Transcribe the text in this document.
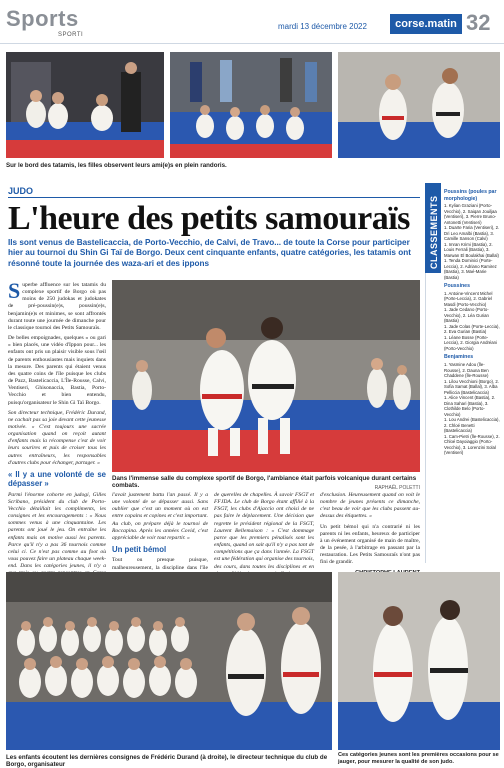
Sports
SPORTI
mardi 13 décembre 2022	corse.matin 32
Sur le bord des tatamis, les filles observent leurs ami(e)s en plein randoris.
JUDO
L'heure des petits samouraïs
Ils sont venus de Bastelicaccia, de Porto-Vecchio, de Calvi, de Travo... de toute la Corse pour participer hier au tournoi du Shin Gi Taï de Borgo. Deux cent cinquante enfants, quatre catégories, les tatamis ont résonné toute la journée des waza-ari et des ippons

Superbe affluence sur les tatamis du complexe sportif de Borgo où pas moins de 250 judokas et judokates de pré-poussin(e)s, poussin(e)s, benjamin(e)s et minimes, se sont affrontés durant toute une journée de dimanche pour le classique tournoi des Petits Samouraïs.

De belles empoignades, quelques « ou gari » bien placés, une vidéo d'Ippon pour... les enfants ont pris un plaisir visible sous l'œil de parents enthousiastes mais inquiets dans la mesure. Des parents qui étaient venus des quatre coins de l'île puisque les clubs de Pazz, Bastelicaccia, L'Île-Rousse, Calvi, Ventiseri, Ghisonaccia, Bastia, Porto-Vecchio et bien entendu, puisqu'organisateur le Shin Gi Taï Borgo.

Son directeur technique, Frédéric Durand, ne cachait pas sa joie devant cette jeunesse motivée. « C'est toujours une sacrée organisation quand on reçoit autant d'enfants mais la récompense c'est de voir leurs sourires et puis de croiser tous les autres entraîneurs, les responsables d'autres clubs pour échanger, partager. »

« Il y a une volonté de se dépasser »

Parmi l'énorme cohorte en judogi, Gilles Scribano, président du club de Porto-Vecchio détaillait les compliments, les consignes et les encouragements : « Nous sommes venus à une cinquantaine. Les parents ont joué le jeu. On entraîne les enfants mais on motive aussi les parents. Parce qu'il n'y a pas 36 tournois comme celui ci. Ce n'est pas comme au foot où vous pouvez faire un plateau chaque week-end. Dans les catégories jeunes, il n'y a

Dans l'immense salle du complexe sportif de Borgo, l'ambiance était parfois volcanique durant certains combats.	RAPHAËL POLETTI

l'avait justement battu l'an passé. Il y a une volonté de se dépasser aussi. Sans oublier que c'est un moment où on est entre copains et copines et c'est important. Au club, on prépare déjà le tournoi de Roccapina. Après les années Covid, c'est appréciable de voir tout repartir. »

Un petit bémol

Tout ou presque puisque, malheureusement, la discipline dans l'île

de querelles de chapelles. À savoir FSGT et FFJDA. Le club de Borgo étant affilié à la FSGT, les clubs d'Ajaccio ont choisi de ne pas faire le déplacement. Une décision que regrette le président régional de la FSGT, Laurent Bellemaison : « C'est dommage parce que les premiers pénalisés sont les enfants, quand on sait qu'il n'y a pas tant de compétitions que ça dans l'année. La FSGT est une fédération qui organise des tournois, des cours, dans toutes les disciplines et en

d'exclusion. Heureusement quand on voit le nombre de jeunes présents ce dimanche, c'est beau de voir que les clubs passent au-dessus des étiquettes. »

Un petit bémol qui n'a contrarié ni les parents ni les enfants, heureux de participer à un événement organisé de main de maître, de la pesée, à l'arbitrage en passant par la restauration. Les Petits Samouraïs n'ont pas fini de grandir.

CLASSEMENTS
Poussins (poules par morphologie)
1. Kylian Graziani (Porto-Vecchio), 2. Saiqan Jouiljaa (Ventiseri), 3. Pierre Bruno-Antonetti (Ventiseri)
1. Duarte Faria (Ventiseri), 2. Dri Leo Amalbi (Bastia), 3. Camille Sanson (Calvi)
1. Imran Krimi (Bastia), 2. Louis Ferrali (Bastia), 3. Marwan El Boulakhai (Ballal)
1. Tenda Dominici (Porte-Leccia), 2. Adriano Ramirez (Bastia), 3. Maé-Marie (Bastia)
Poussines
1. Antoine-Vincent Michel (Porte-Leccia), 2. Gabriel Masdi (Porto-Vecchio)
1. Jade Cedano (Porto-Vecchio), 2. Léa Gurian (Bastia)
1. Jade Colas (Porte-Leccia), 2. Eva Gurian (Bastia)
1. Léane Bosse (Porte-Leccia), 2. Giorgia Andréani (Porto-Vecchio)
Benjamines
1. Yasmine Adou (Île-Rousse), 2. Dauna Ben Chaddene (Île-Rousse)
1. Lilou Vecchioni (Borgo), 2. Sofia Samat (Ballal), 3. Alba Pelliccia (Bastelicaccia)
1. Alice Vincent (Bastia), 2. Dina Sahari (Bastia), 3. Clothilde Belo (Porto-Vecchio)
1. Lou Andrei (Bastelicaccia), 2. Chloé Benetti (Bastelicaccia)
1. Cam-Pietri (Île-Rousse), 2. Chloé Dayoiaggio (Porto-Vecchio), 3. Lorenzini Solal (Ventiseri)
Les enfants écoutent les dernières consignes de Frédéric Durand (à droite), le directeur technique du club de Borgo, organisateur
Ces catégories jeunes sont les premières occasions pour se jauger, pour mesurer la qualité de son judo.
